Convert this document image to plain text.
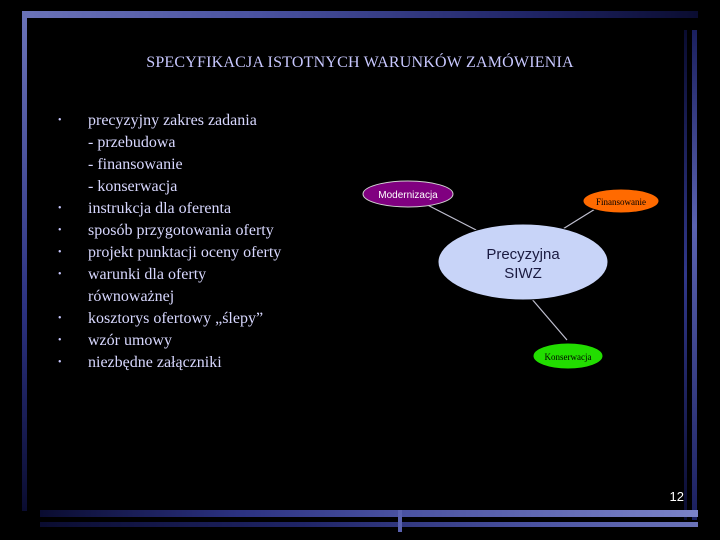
SPECYFIKACJA ISTOTNYCH WARUNKÓW ZAMÓWIENIA
• precyzyjny zakres zadania
- przebudowa
- finansowanie
- konserwacja
• instrukcja dla oferenta
• sposób przygotowania oferty
• projekt punktacji oceny oferty
• warunki dla oferty
równoważnej
• kosztorys ofertowy „ślepy”
• wzór umowy
• niezbędne załączniki
Precyzyjna
SIWZ
Modernizacja
Finansowanie
Konserwacja
12
